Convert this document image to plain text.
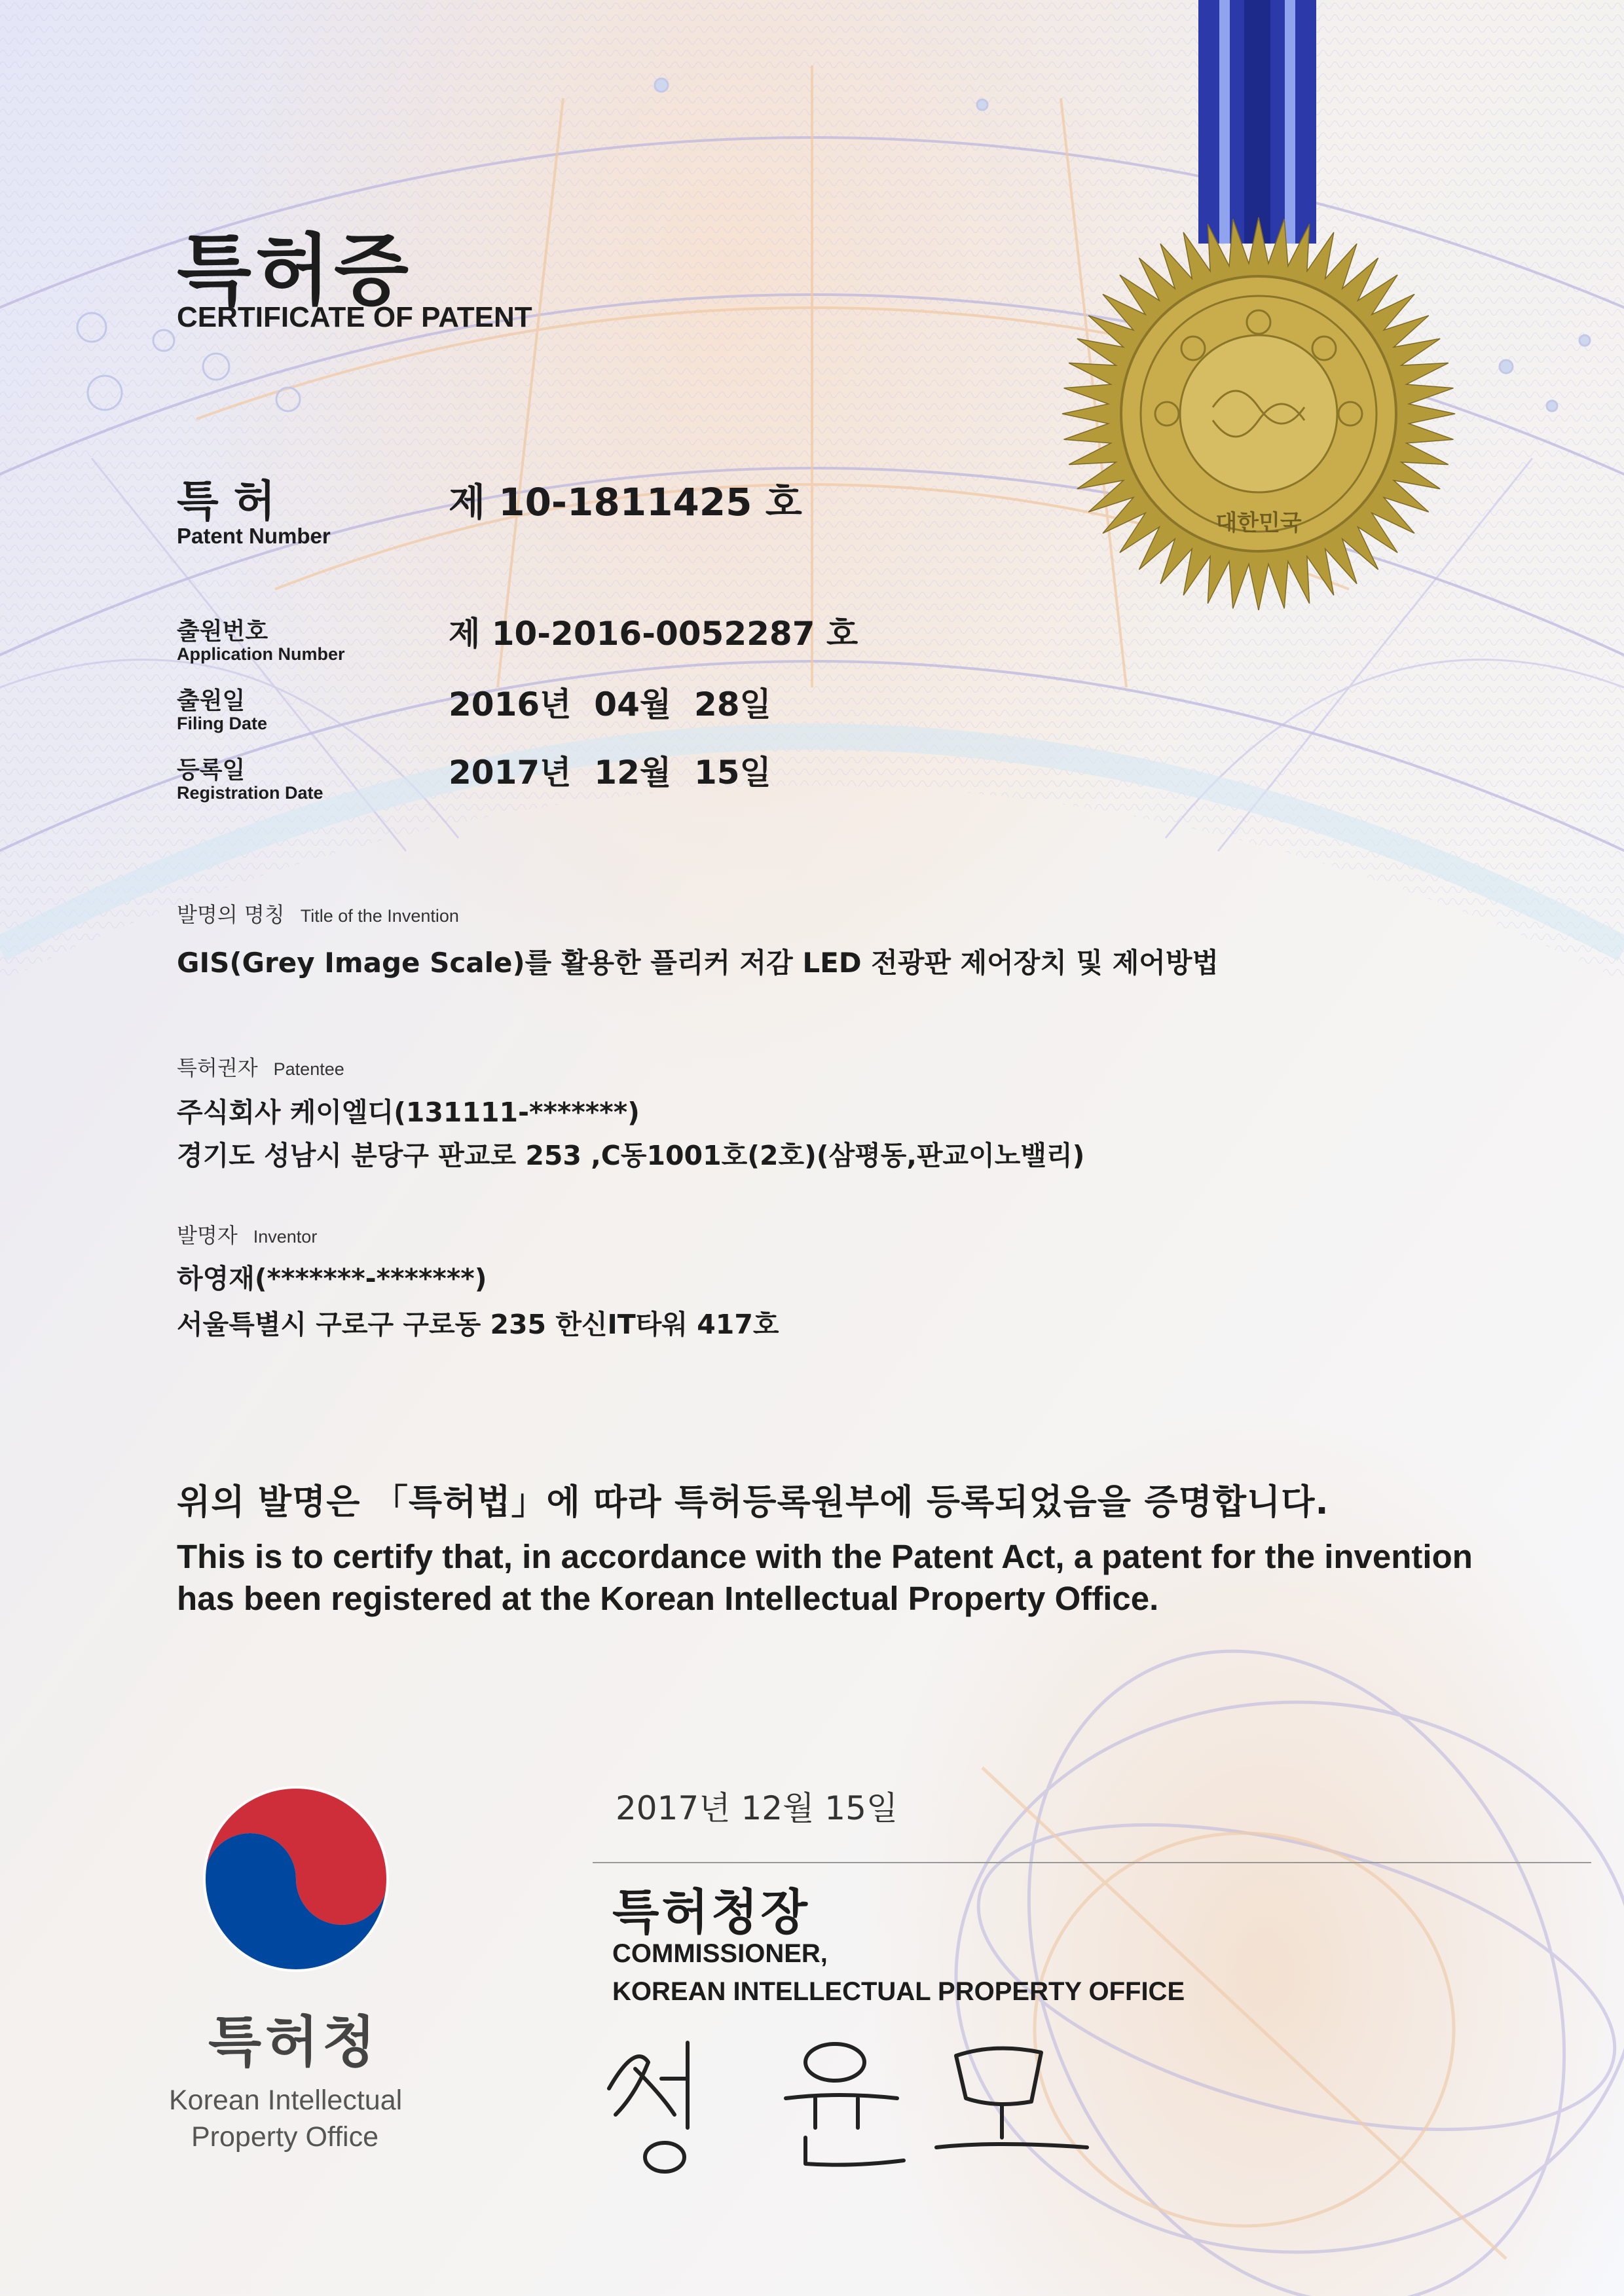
대한민국
특허증
CERTIFICATE OF PATENT
특 허
Patent Number
제 10-1811425 호
출원번호
Application Number
제 10-2016-0052287 호
출원일
Filing Date	2016년  04월  28일
등록일
Registration Date
2017년  12월  15일
발명의 명칭 Title of the Invention
GIS(Grey Image Scale)를 활용한 플리커 저감 LED 전광판 제어장치 및 제어방법
특허권자 Patentee
주식회사 케이엘디(131111-*******)
경기도 성남시 분당구 판교로 253 ,C동1001호(2호)(삼평동,판교이노밸리)
발명자 Inventor
하영재(*******-*******)
서울특별시 구로구 구로동 235 한신IT타워 417호
위의 발명은 「특허법」에 따라 특허등록원부에 등록되었음을 증명합니다.
This is to certify that, in accordance with the Patent Act, a patent for the invention
has been registered at the Korean Intellectual Property Office.
2017년 12월 15일
특허청장
COMMISSIONER,
KOREAN INTELLECTUAL PROPERTY OFFICE
특허청
Korean Intellectual
Property Office
